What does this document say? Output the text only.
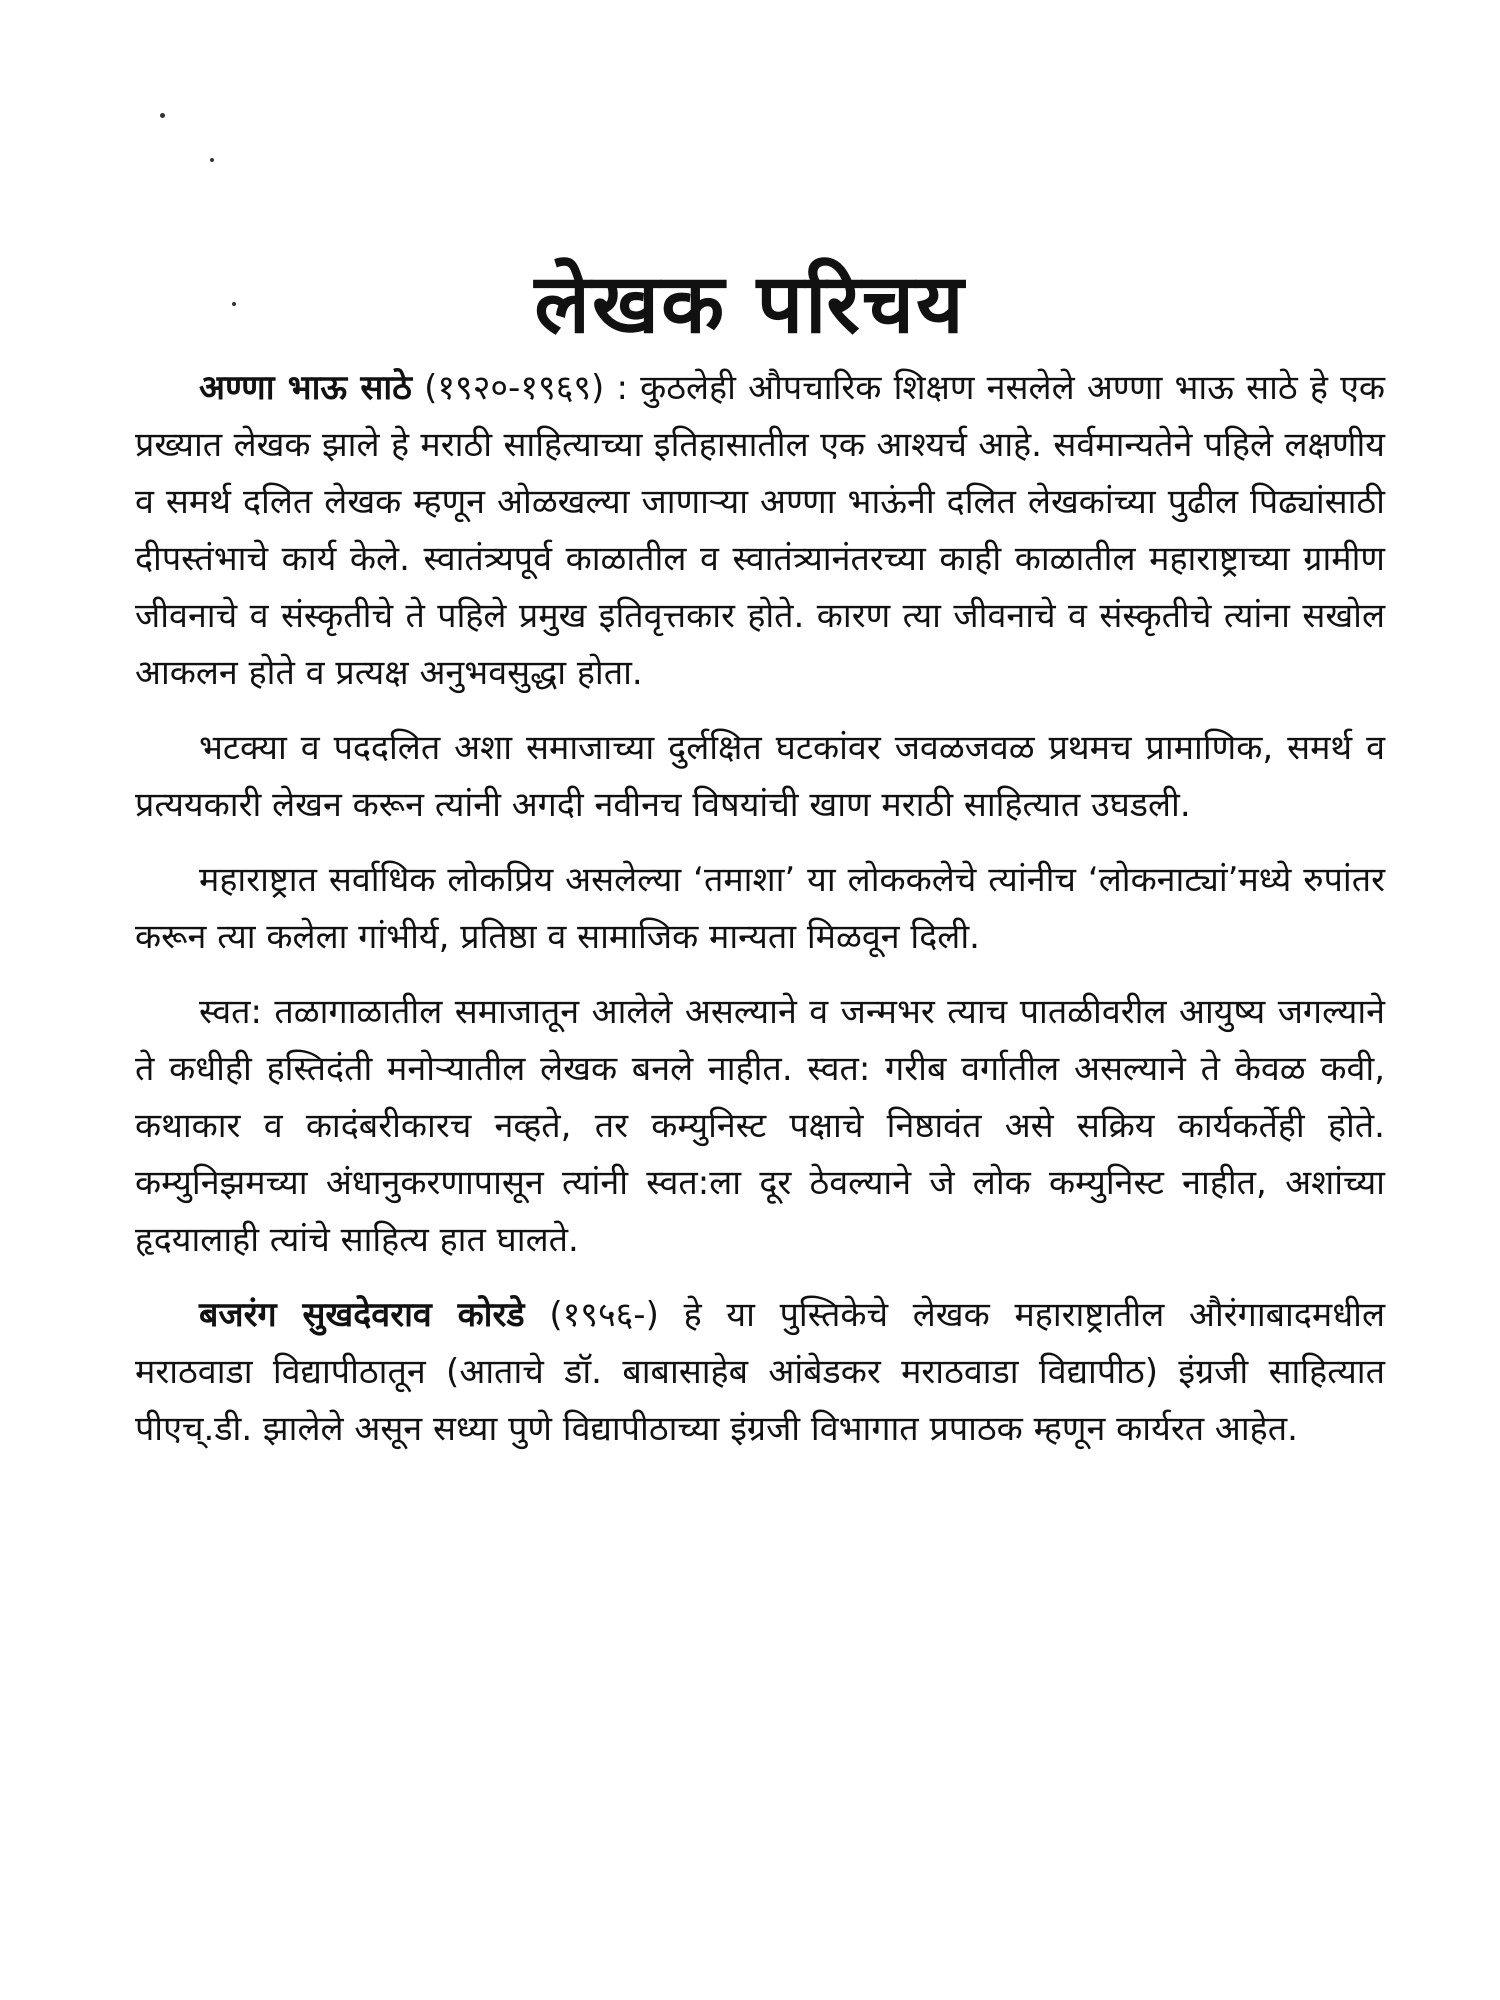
लेखक परिचय

अण्णा भाऊ साठे (१९२०-१९६९) : कुठलेही औपचारिक शिक्षण नसलेले अण्णा भाऊ साठे हे एक प्रख्यात लेखक झाले हे मराठी साहित्याच्या इतिहासातील एक आश्यर्च आहे. सर्वमान्यतेने पहिले लक्षणीय व समर्थ दलित लेखक म्हणून ओळखल्या जाणाऱ्या अण्णा भाऊंनी दलित लेखकांच्या पुढील पिढ्यांसाठी दीपस्तंभाचे कार्य केले. स्वातंत्र्यपूर्व काळातील व स्वातंत्र्यानंतरच्या काही काळातील महाराष्ट्राच्या ग्रामीण जीवनाचे व संस्कृतीचे ते पहिले प्रमुख इतिवृत्तकार होते. कारण त्या जीवनाचे व संस्कृतीचे त्यांना सखोल आकलन होते व प्रत्यक्ष अनुभवसुद्धा होता.

भटक्या व पददलित अशा समाजाच्या दुर्लक्षित घटकांवर जवळजवळ प्रथमच प्रामाणिक, समर्थ व प्रत्ययकारी लेखन करून त्यांनी अगदी नवीनच विषयांची खाण मराठी साहित्यात उघडली.

महाराष्ट्रात सर्वाधिक लोकप्रिय असलेल्या ‘तमाशा’ या लोककलेचे त्यांनीच ‘लोकनाट्यां’मध्ये रुपांतर करून त्या कलेला गांभीर्य, प्रतिष्ठा व सामाजिक मान्यता मिळवून दिली.

स्वत: तळागाळातील समाजातून आलेले असल्याने व जन्मभर त्याच पातळीवरील आयुष्य जगल्याने ते कधीही हस्तिदंती मनोऱ्यातील लेखक बनले नाहीत. स्वत: गरीब वर्गातील असल्याने ते केवळ कवी, कथाकार व कादंबरीकारच नव्हते, तर कम्युनिस्ट पक्षाचे निष्ठावंत असे सक्रिय कार्यकर्तेही होते. कम्युनिझमच्या अंधानुकरणापासून त्यांनी स्वत:ला दूर ठेवल्याने जे लोक कम्युनिस्ट नाहीत, अशांच्या हृदयालाही त्यांचे साहित्य हात घालते.

बजरंग सुखदेवराव कोरडे (१९५६-) हे या पुस्तिकेचे लेखक महाराष्ट्रातील औरंगाबादमधील मराठवाडा विद्यापीठातून (आताचे डॉ. बाबासाहेब आंबेडकर मराठवाडा विद्यापीठ) इंग्रजी साहित्यात पीएच्.डी. झालेले असून सध्या पुणे विद्यापीठाच्या इंग्रजी विभागात प्रपाठक म्हणून कार्यरत आहेत.
